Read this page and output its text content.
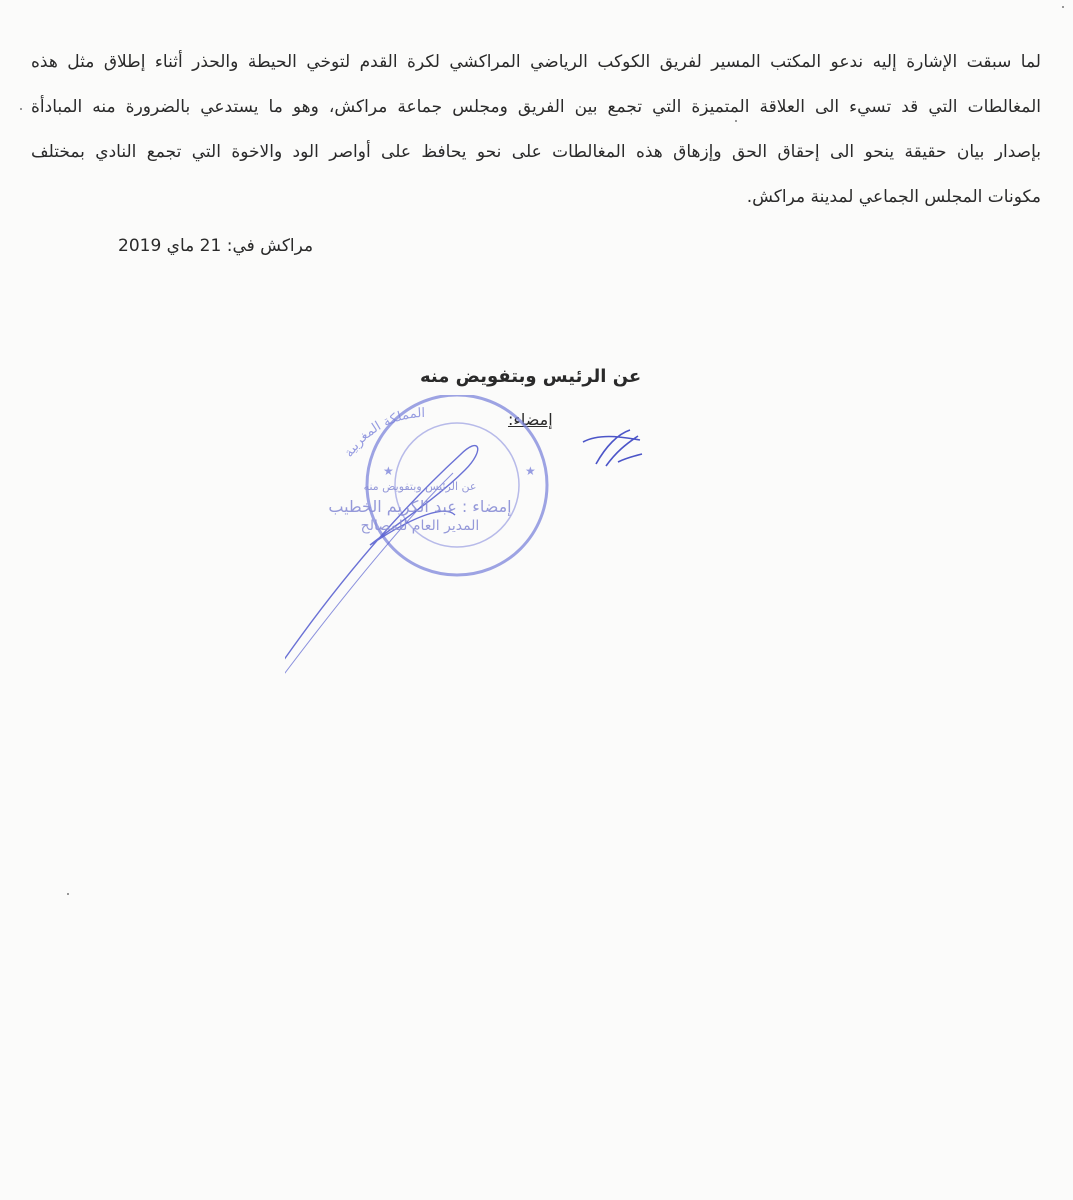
لما سبقت الإشارة إليه ندعو المكتب المسير لفريق الكوكب الرياضي المراكشي لكرة القدم لتوخي الحيطة والحذر أثناء إطلاق مثل هذه
المغالطات التي قد تسيء الى العلاقة المتميزة التي تجمع بين الفريق ومجلس جماعة مراكش، وهو ما يستدعي بالضرورة منه المبادأة
بإصدار بيان حقيقة ينحو الى إحقاق الحق وإزهاق هذه المغالطات على نحو يحافظ على أواصر الود والاخوة التي تجمع النادي بمختلف
مكونات المجلس الجماعي لمدينة مراكش.
مراكش في: 21 ماي 2019
عن الرئيس وبتفويض منه
إمضاء:
المملكة المغربية
★	★
عن الرئيس وبتفويض منه
إمضاء : عبد الكريم الخطيب
المدير العام للمصالح
